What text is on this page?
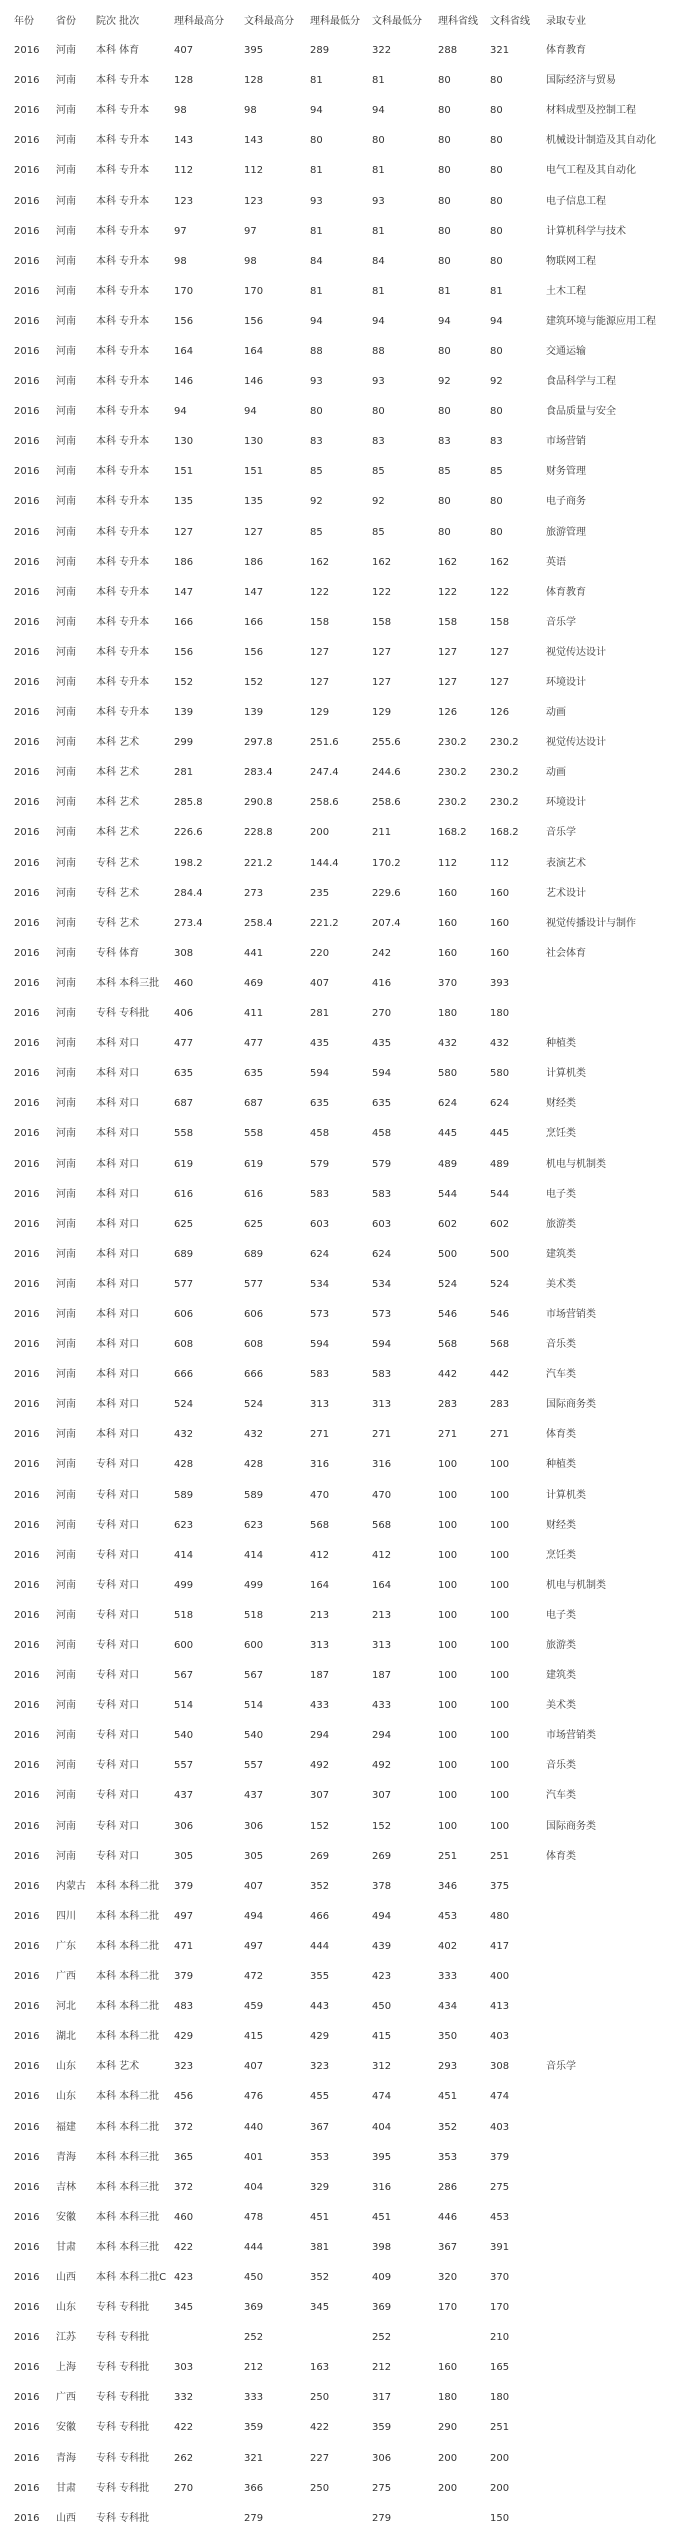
年份	省份	院次 批次	理科最高分	文科最高分	理科最低分	文科最低分	理科省线	文科省线	录取专业
2016	河南	本科 体育	407	395	289	322	288	321	体育教育
2016	河南	本科 专升本	128	128	81	81	80	80	国际经济与贸易
2016	河南	本科 专升本	98	98	94	94	80	80	材料成型及控制工程
2016	河南	本科 专升本	143	143	80	80	80	80	机械设计制造及其自动化
2016	河南	本科 专升本	112	112	81	81	80	80	电气工程及其自动化
2016	河南	本科 专升本	123	123	93	93	80	80	电子信息工程
2016	河南	本科 专升本	97	97	81	81	80	80	计算机科学与技术
2016	河南	本科 专升本	98	98	84	84	80	80	物联网工程
2016	河南	本科 专升本	170	170	81	81	81	81	土木工程
2016	河南	本科 专升本	156	156	94	94	94	94	建筑环境与能源应用工程
2016	河南	本科 专升本	164	164	88	88	80	80	交通运输
2016	河南	本科 专升本	146	146	93	93	92	92	食品科学与工程
2016	河南	本科 专升本	94	94	80	80	80	80	食品质量与安全
2016	河南	本科 专升本	130	130	83	83	83	83	市场营销
2016	河南	本科 专升本	151	151	85	85	85	85	财务管理
2016	河南	本科 专升本	135	135	92	92	80	80	电子商务
2016	河南	本科 专升本	127	127	85	85	80	80	旅游管理
2016	河南	本科 专升本	186	186	162	162	162	162	英语
2016	河南	本科 专升本	147	147	122	122	122	122	体育教育
2016	河南	本科 专升本	166	166	158	158	158	158	音乐学
2016	河南	本科 专升本	156	156	127	127	127	127	视觉传达设计
2016	河南	本科 专升本	152	152	127	127	127	127	环境设计
2016	河南	本科 专升本	139	139	129	129	126	126	动画
2016	河南	本科 艺术	299	297.8	251.6	255.6	230.2	230.2	视觉传达设计
2016	河南	本科 艺术	281	283.4	247.4	244.6	230.2	230.2	动画
2016	河南	本科 艺术	285.8	290.8	258.6	258.6	230.2	230.2	环境设计
2016	河南	本科 艺术	226.6	228.8	200	211	168.2	168.2	音乐学
2016	河南	专科 艺术	198.2	221.2	144.4	170.2	112	112	表演艺术
2016	河南	专科 艺术	284.4	273	235	229.6	160	160	艺术设计
2016	河南	专科 艺术	273.4	258.4	221.2	207.4	160	160	视觉传播设计与制作
2016	河南	专科 体育	308	441	220	242	160	160	社会体育
2016	河南	本科 本科三批	460	469	407	416	370	393	
2016	河南	专科 专科批	406	411	281	270	180	180	
2016	河南	本科 对口	477	477	435	435	432	432	种植类
2016	河南	本科 对口	635	635	594	594	580	580	计算机类
2016	河南	本科 对口	687	687	635	635	624	624	财经类
2016	河南	本科 对口	558	558	458	458	445	445	烹饪类
2016	河南	本科 对口	619	619	579	579	489	489	机电与机制类
2016	河南	本科 对口	616	616	583	583	544	544	电子类
2016	河南	本科 对口	625	625	603	603	602	602	旅游类
2016	河南	本科 对口	689	689	624	624	500	500	建筑类
2016	河南	本科 对口	577	577	534	534	524	524	美术类
2016	河南	本科 对口	606	606	573	573	546	546	市场营销类
2016	河南	本科 对口	608	608	594	594	568	568	音乐类
2016	河南	本科 对口	666	666	583	583	442	442	汽车类
2016	河南	本科 对口	524	524	313	313	283	283	国际商务类
2016	河南	本科 对口	432	432	271	271	271	271	体育类
2016	河南	专科 对口	428	428	316	316	100	100	种植类
2016	河南	专科 对口	589	589	470	470	100	100	计算机类
2016	河南	专科 对口	623	623	568	568	100	100	财经类
2016	河南	专科 对口	414	414	412	412	100	100	烹饪类
2016	河南	专科 对口	499	499	164	164	100	100	机电与机制类
2016	河南	专科 对口	518	518	213	213	100	100	电子类
2016	河南	专科 对口	600	600	313	313	100	100	旅游类
2016	河南	专科 对口	567	567	187	187	100	100	建筑类
2016	河南	专科 对口	514	514	433	433	100	100	美术类
2016	河南	专科 对口	540	540	294	294	100	100	市场营销类
2016	河南	专科 对口	557	557	492	492	100	100	音乐类
2016	河南	专科 对口	437	437	307	307	100	100	汽车类
2016	河南	专科 对口	306	306	152	152	100	100	国际商务类
2016	河南	专科 对口	305	305	269	269	251	251	体育类
2016	内蒙古	本科 本科二批	379	407	352	378	346	375	
2016	四川	本科 本科二批	497	494	466	494	453	480	
2016	广东	本科 本科二批	471	497	444	439	402	417	
2016	广西	本科 本科二批	379	472	355	423	333	400	
2016	河北	本科 本科二批	483	459	443	450	434	413	
2016	湖北	本科 本科二批	429	415	429	415	350	403	
2016	山东	本科 艺术	323	407	323	312	293	308	音乐学
2016	山东	本科 本科二批	456	476	455	474	451	474	
2016	福建	本科 本科二批	372	440	367	404	352	403	
2016	青海	本科 本科三批	365	401	353	395	353	379	
2016	吉林	本科 本科三批	372	404	329	316	286	275	
2016	安徽	本科 本科三批	460	478	451	451	446	453	
2016	甘肃	本科 本科三批	422	444	381	398	367	391	
2016	山西	本科 本科二批C	423	450	352	409	320	370	
2016	山东	专科 专科批	345	369	345	369	170	170	
2016	江苏	专科 专科批		252		252		210	
2016	上海	专科 专科批	303	212	163	212	160	165	
2016	广西	专科 专科批	332	333	250	317	180	180	
2016	安徽	专科 专科批	422	359	422	359	290	251	
2016	青海	专科 专科批	262	321	227	306	200	200	
2016	甘肃	专科 专科批	270	366	250	275	200	200	
2016	山西	专科 专科批		279		279		150	
